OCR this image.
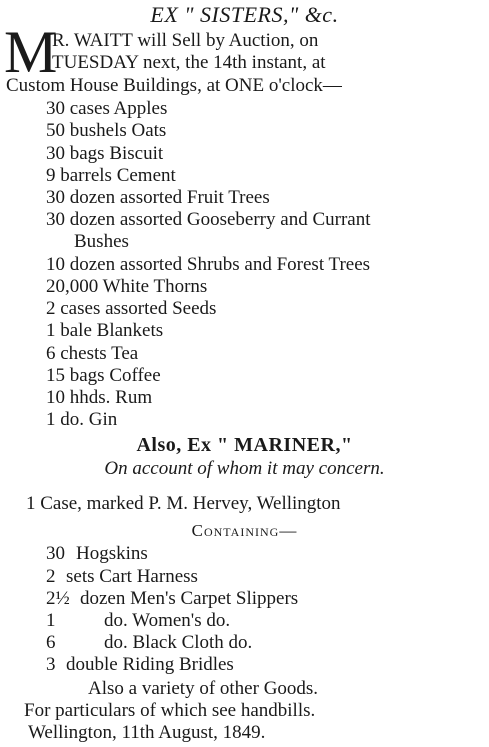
EX " SISTERS," &c.
M
R. WAITT will Sell by Auction, on
TUESDAY next, the 14th instant, at
Custom House Buildings, at ONE o'clock—
30 cases Apples
50 bushels Oats
30 bags Biscuit
9 barrels Cement
30 dozen assorted Fruit Trees
30 dozen assorted Gooseberry and Currant
Bushes
10 dozen assorted Shrubs and Forest Trees
20,000 White Thorns
2 cases assorted Seeds
1 bale Blankets
6 chests Tea
15 bags Coffee
10 hhds. Rum
1 do. Gin
Also, Ex " MARINER,"
On account of whom it may concern.
1 Case, marked P. M. Hervey, Wellington
Containing—
30 Hogskins
2 sets Cart Harness
2½ dozen Men's Carpet Slippers
1	do. Women's do.
6	do. Black Cloth do.
3 double Riding Bridles
Also a variety of other Goods.
For particulars of which see handbills.
Wellington, 11th August, 1849.
